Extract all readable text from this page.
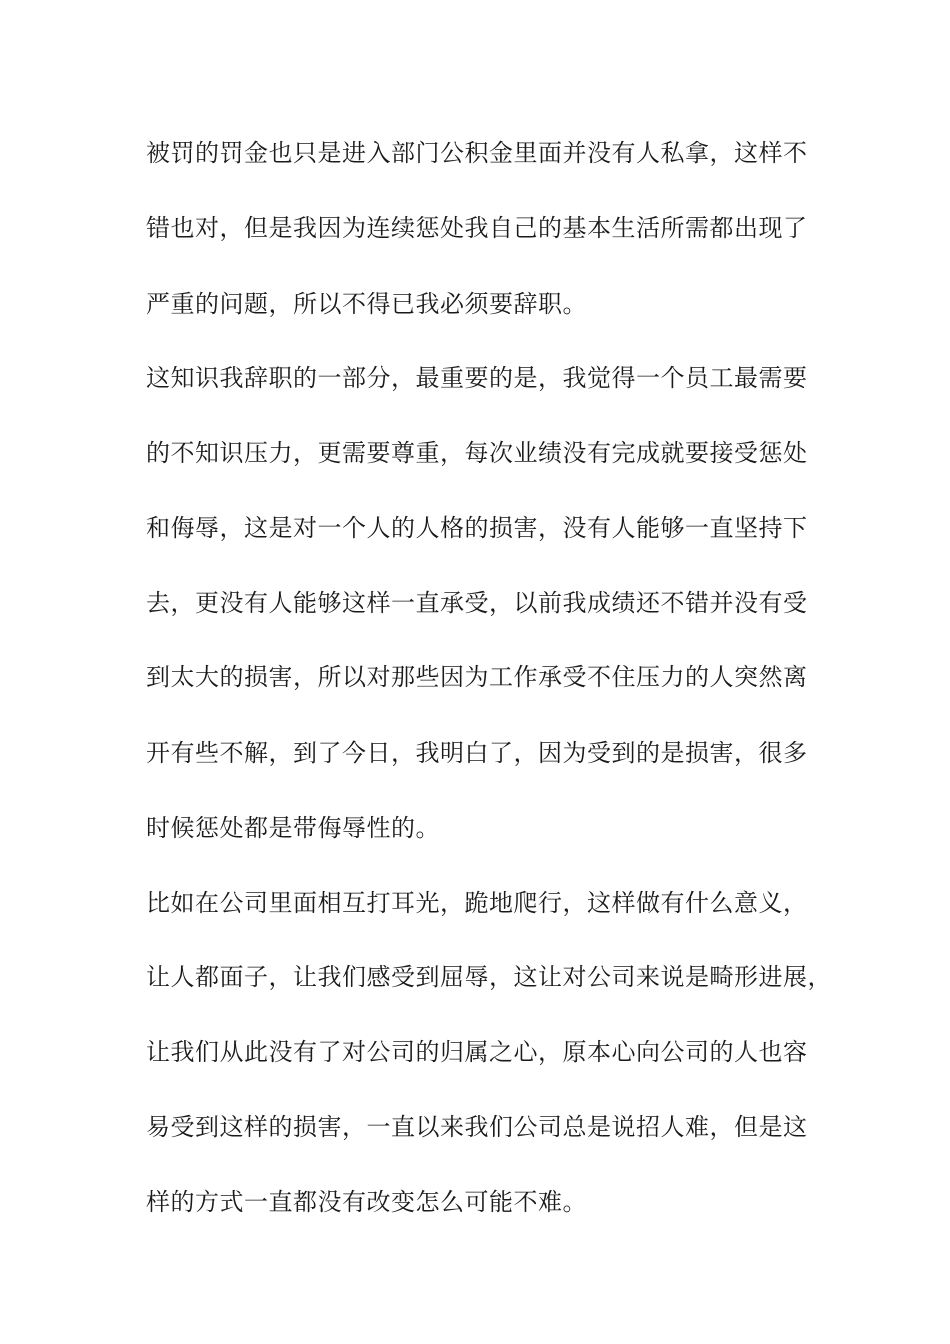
被罚的罚金也只是进入部门公积金里面并没有人私拿，这样不
错也对，但是我因为连续惩处我自己的基本生活所需都出现了
严重的问题，所以不得已我必须要辞职。
这知识我辞职的一部分，最重要的是，我觉得一个员工最需要
的不知识压力，更需要尊重，每次业绩没有完成就要接受惩处
和侮辱，这是对一个人的人格的损害，没有人能够一直坚持下
去，更没有人能够这样一直承受，以前我成绩还不错并没有受
到太大的损害，所以对那些因为工作承受不住压力的人突然离
开有些不解，到了今日，我明白了，因为受到的是损害，很多
时候惩处都是带侮辱性的。
比如在公司里面相互打耳光，跪地爬行，这样做有什么意义，
让人都面子，让我们感受到屈辱，这让对公司来说是畸形进展，
让我们从此没有了对公司的归属之心，原本心向公司的人也容
易受到这样的损害，一直以来我们公司总是说招人难，但是这
样的方式一直都没有改变怎么可能不难。
